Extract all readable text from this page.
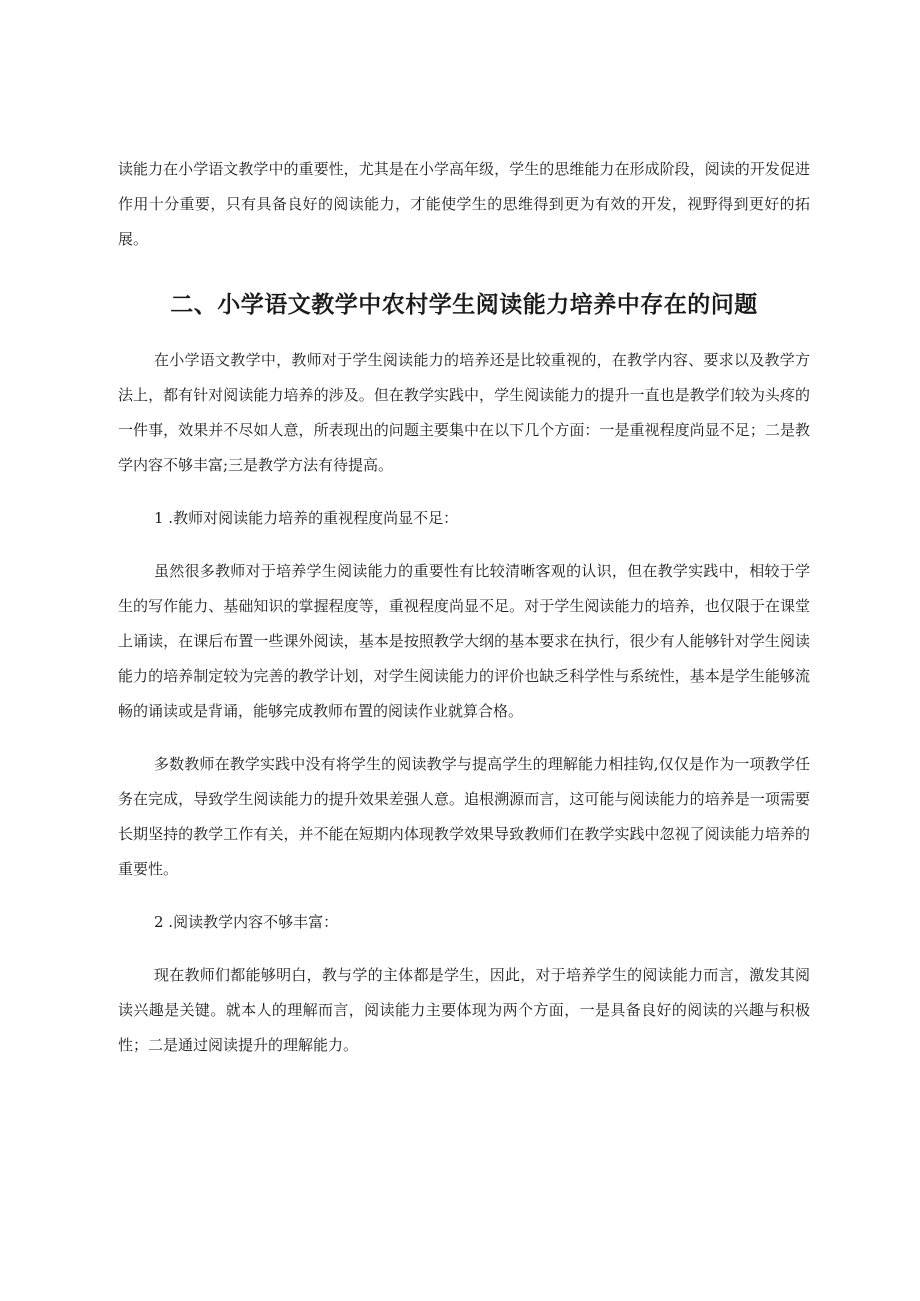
读能力在小学语文教学中的重要性，尤其是在小学高年级，学生的思维能力在形成阶段，阅读的开发促进作用十分重要，只有具备良好的阅读能力，才能使学生的思维得到更为有效的开发，视野得到更好的拓展。

二、小学语文教学中农村学生阅读能力培养中存在的问题

在小学语文教学中，教师对于学生阅读能力的培养还是比较重视的，在教学内容、要求以及教学方法上，都有针对阅读能力培养的涉及。但在教学实践中，学生阅读能力的提升一直也是教学们较为头疼的一件事，效果并不尽如人意，所表现出的问题主要集中在以下几个方面：一是重视程度尚显不足；二是教学内容不够丰富;三是教学方法有待提高。

1 .教师对阅读能力培养的重视程度尚显不足：

虽然很多教师对于培养学生阅读能力的重要性有比较清晰客观的认识，但在教学实践中，相较于学生的写作能力、基础知识的掌握程度等，重视程度尚显不足。对于学生阅读能力的培养，也仅限于在课堂上诵读，在课后布置一些课外阅读，基本是按照教学大纲的基本要求在执行，很少有人能够针对学生阅读能力的培养制定较为完善的教学计划，对学生阅读能力的评价也缺乏科学性与系统性，基本是学生能够流畅的诵读或是背诵，能够完成教师布置的阅读作业就算合格。

多数教师在教学实践中没有将学生的阅读教学与提高学生的理解能力相挂钩,仅仅是作为一项教学任务在完成，导致学生阅读能力的提升效果差强人意。追根溯源而言，这可能与阅读能力的培养是一项需要长期坚持的教学工作有关，并不能在短期内体现教学效果导致教师们在教学实践中忽视了阅读能力培养的重要性。

2 .阅读教学内容不够丰富：

现在教师们都能够明白，教与学的主体都是学生，因此，对于培养学生的阅读能力而言，激发其阅读兴趣是关键。就本人的理解而言，阅读能力主要体现为两个方面，一是具备良好的阅读的兴趣与积极性；二是通过阅读提升的理解能力。
